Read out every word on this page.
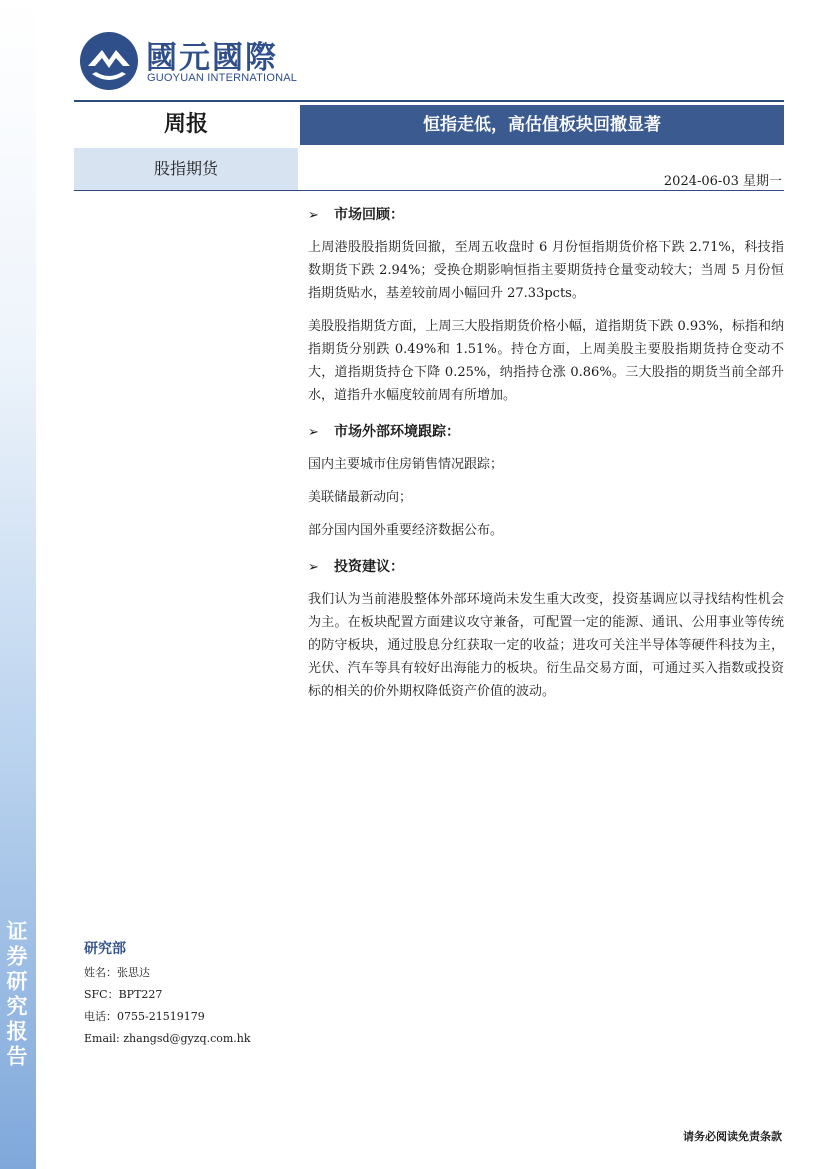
证券研究报告
國元國際
GUOYUAN INTERNATIONAL
周报	恒指走低，高估值板块回撤显著
股指期货
2024-06-03 星期一
➢ 市场回顾：

上周港股股指期货回撤，至周五收盘时 6 月份恒指期货价格下跌 2.71%，科技指数期货下跌 2.94%；受换仓期影响恒指主要期货持仓量变动较大；当周 5 月份恒指期货贴水，基差较前周小幅回升 27.33pcts。

美股股指期货方面，上周三大股指期货价格小幅，道指期货下跌 0.93%，标指和纳指期货分别跌 0.49%和 1.51%。持仓方面，上周美股主要股指期货持仓变动不大，道指期货持仓下降 0.25%，纳指持仓涨 0.86%。三大股指的期货当前全部升水，道指升水幅度较前周有所增加。

➢ 市场外部环境跟踪：

国内主要城市住房销售情况跟踪；

美联储最新动向；

部分国内国外重要经济数据公布。

➢ 投资建议：

我们认为当前港股整体外部环境尚未发生重大改变，投资基调应以寻找结构性机会为主。在板块配置方面建议攻守兼备，可配置一定的能源、通讯、公用事业等传统的防守板块，通过股息分红获取一定的收益；进攻可关注半导体等硬件科技为主，光伏、汽车等具有较好出海能力的板块。衍生品交易方面，可通过买入指数或投资标的相关的价外期权降低资产价值的波动。

研究部
姓名：张思达
SFC：BPT227
电话：0755-21519179
Email: zhangsd@gyzq.com.hk
请务必阅读免责条款
